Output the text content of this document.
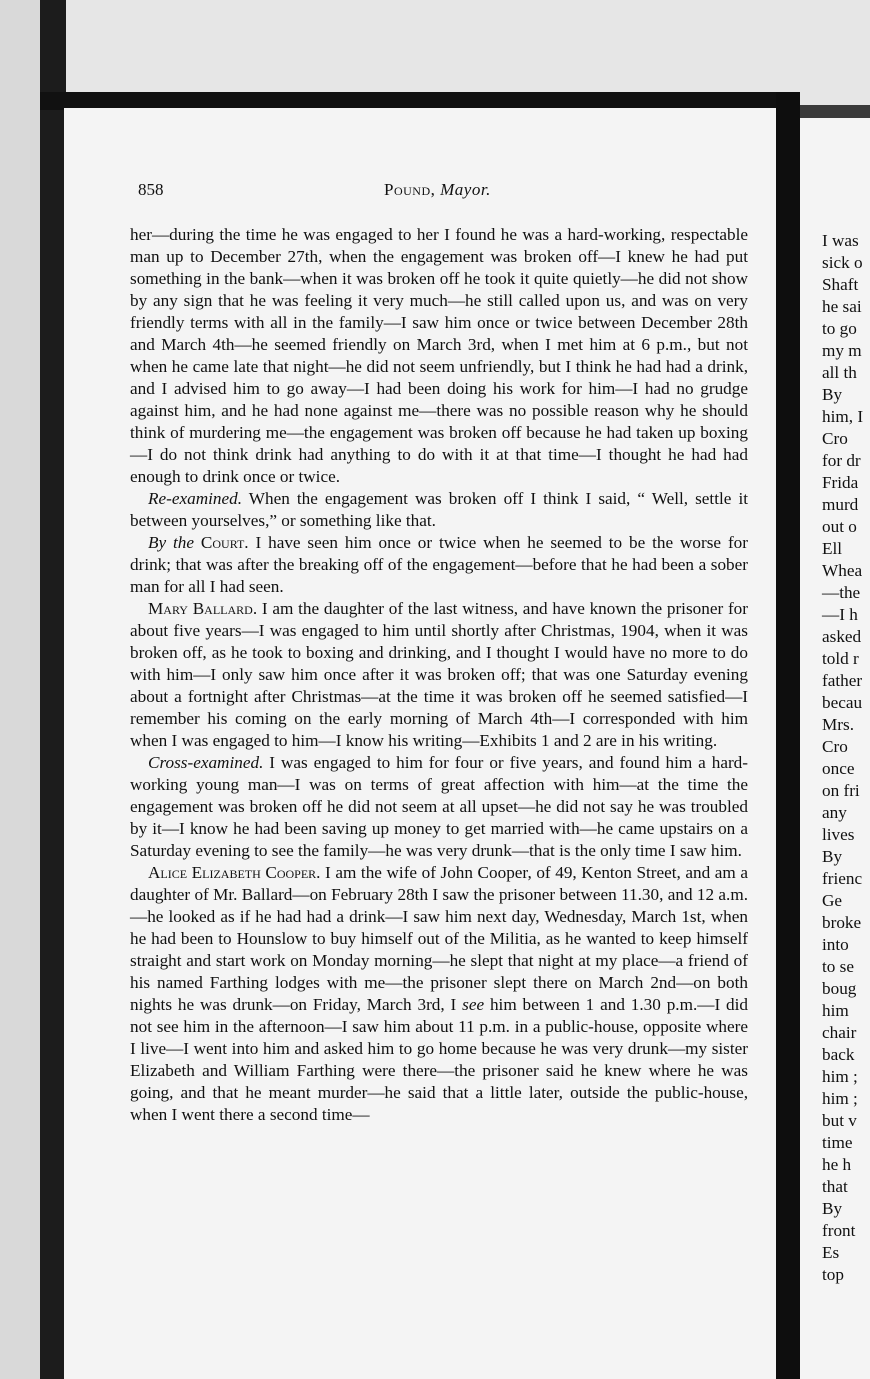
I was
sick o
Shaft
he sai
to go
my m
all th
By
him, I
Cro
for dr
Frida
murd
out o
Ell
Whea
—the
—I h
asked
told r
father
becau
Mrs.
Cro
once
on fri
any
lives
By
frienc
Ge
broke
into
to se
boug
him
chair
back
him ;
him ;
but v
time
he h
that
By
front
Es
top
858	Pound, Mayor.

her—during the time he was engaged to her I found he was a hard-working, respectable man up to December 27th, when the engagement was broken off—I knew he had put something in the bank—when it was broken off he took it quite quietly—he did not show by any sign that he was feeling it very much—he still called upon us, and was on very friendly terms with all in the family—I saw him once or twice between December 28th and March 4th—he seemed friendly on March 3rd, when I met him at 6 p.m., but not when he came late that night—he did not seem unfriendly, but I think he had had a drink, and I advised him to go away—I had been doing his work for him—I had no grudge against him, and he had none against me—there was no possible reason why he should think of murdering me—the engagement was broken off because he had taken up boxing—I do not think drink had anything to do with it at that time—I thought he had had enough to drink once or twice.

Re-examined. When the engagement was broken off I think I said, “ Well, settle it between yourselves,” or something like that.

By the Court. I have seen him once or twice when he seemed to be the worse for drink; that was after the breaking off of the engagement—before that he had been a sober man for all I had seen.

Mary Ballard. I am the daughter of the last witness, and have known the prisoner for about five years—I was engaged to him until shortly after Christmas, 1904, when it was broken off, as he took to boxing and drinking, and I thought I would have no more to do with him—I only saw him once after it was broken off; that was one Saturday evening about a fortnight after Christmas—at the time it was broken off he seemed satisfied—I remember his coming on the early morning of March 4th—I corresponded with him when I was engaged to him—I know his writing—Exhibits 1 and 2 are in his writing.

Cross-examined. I was engaged to him for four or five years, and found him a hard-working young man—I was on terms of great affection with him—at the time the engagement was broken off he did not seem at all upset—he did not say he was troubled by it—I know he had been saving up money to get married with—he came upstairs on a Saturday evening to see the family—he was very drunk—that is the only time I saw him.

Alice Elizabeth Cooper. I am the wife of John Cooper, of 49, Kenton Street, and am a daughter of Mr. Ballard—on February 28th I saw the prisoner between 11.30, and 12 a.m.—he looked as if he had had a drink—I saw him next day, Wednesday, March 1st, when he had been to Hounslow to buy himself out of the Militia, as he wanted to keep himself straight and start work on Monday morning—he slept that night at my place—a friend of his named Farthing lodges with me—the prisoner slept there on March 2nd—on both nights he was drunk—on Friday, March 3rd, I see him between 1 and 1.30 p.m.—I did not see him in the afternoon—I saw him about 11 p.m. in a public-house, opposite where I live—I went into him and asked him to go home because he was very drunk—my sister Elizabeth and William Farthing were there—the prisoner said he knew where he was going, and that he meant murder—he said that a little later, outside the public-house, when I went there a second time—
